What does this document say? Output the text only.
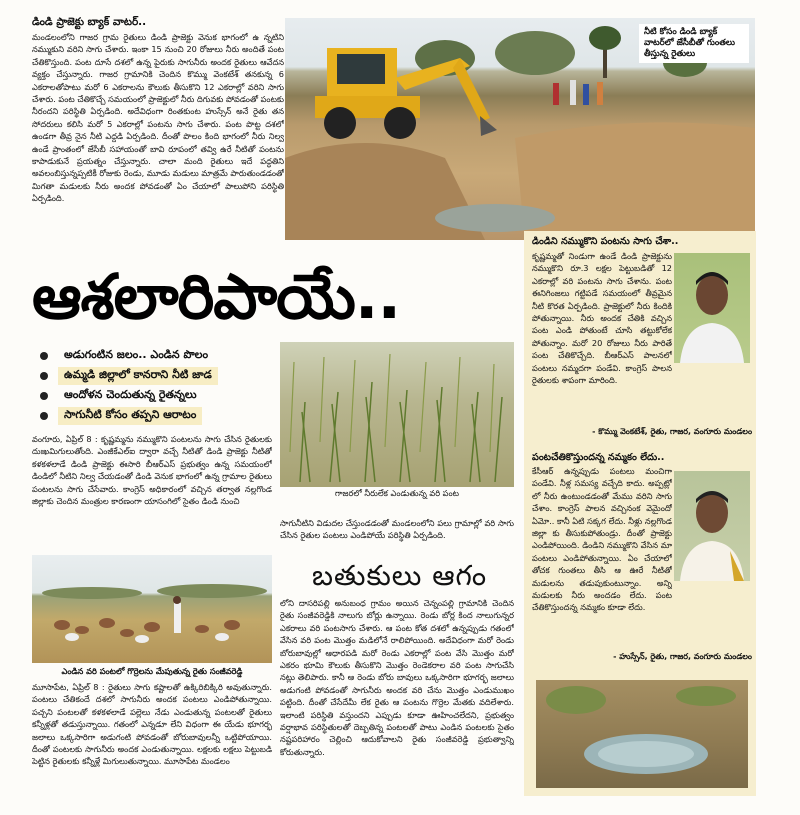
డిండి ప్రాజెక్టు బ్యాక్ వాటర్..
మండలంలోని గాజర గ్రామ రైతులు డిండి ప్రాజెక్టు వెనుక భాగంలో ఉ న్నటిని నమ్ముకుని వరిని సాగు చేశారు. ఇంకా 15 నుంచి 20 రోజులు నీరు అందితే పంట చేతికొస్తుంది. పంట దూసే దశలో ఉన్న పైరుకు సాగునీరు అందక రైతులు ఆవేదన వ్యక్తం చేస్తున్నారు. గాజర గ్రామానికి చెందిన కొమ్ము వెంకటేశ్ తనకున్న 6 ఎకరాలతోపాటు మరో 6 ఎకరాలను కౌలుకు తీసుకొని 12 ఎకరాల్లో వరిని సాగు చేశారు. పంట చేతికొచ్చే సమయంలో ప్రాజెక్టులో నీరు దిగువకు పోవడంతో పంటకు నీరందని పరిస్థితి ఏర్పడింది. అదేవిధంగా రింతకుంట హుస్సేన్ అనే రైతు తన సోదరులు కలిసి మరో 5 ఎకరాల్లో పంటను సాగు చేశారు. పంట పొట్ట దశలో ఉండగా తీవ్ర నైన నీటి ఎద్దడి ఏర్పడింది. దీంతో పొలం కింది భాగంలో నీరు నిల్వ ఉండే ప్రాంతంలో జేసీబీ సహాయంతో బావి రూపంలో తవ్వి ఉరే నీటితో పంటను కాపాడుకునే ప్రయత్నం చేస్తున్నారు. చాలా మంది రైతులు ఇదే పద్ధతిని అవలంబిస్తున్నప్పటికీ రోజుకు రెండు, మూడు మడులు మాత్రమే పారుతుండడంతో మిగతా మడులకు నీరు అందక పోవడంతో ఏం చేయాలో పాలుపోని పరిస్థితి ఏర్పడింది.
నీటి కోసం డిండి బ్యాక్ వాటర్‌లో జేసీబీతో గుంతలు తీస్తున్న రైతులు
ఆశలారిపాయే..
అడుగంటిన జలం.. ఎండిన పొలం
ఉమ్మడి జిల్లాలో కానరాని నీటి జాడ
ఆందోళన చెందుతున్న రైతన్నలు
సాగునీటి కోసం తప్పని ఆరాటం
వంగూరు, ఏప్రిల్ 8 : కృష్ణమ్మను నమ్ముకొని పంటలను సాగు చేసిన రైతులకు దుఃఖమిగులుతోంది. ఎంజీకేఎల్ఐ ద్వారా వచ్చే నీటితో డిండి ప్రాజెక్టు నీటితో కళకళలాడే డిండి ప్రాజెక్టు ఈసారి బీఆర్ఎస్ ప్రభుత్వం ఉన్న సమయంలో డిండిలో నీటిని నిల్వ చేయడంతో డిండి వెనుక భాగంలో ఉన్న గ్రామాల రైతులు పంటలను సాగు చేసేవారు. కాంగ్రెస్ అధికారంలో వచ్చిన తర్వాత నల్లగొండ జిల్లాకు చెందిన మంత్రుల కారణంగా యాసంగిలో సైతం డిండి నుంచి
గాజరలో నీరులేక ఎండుతున్న వరి పంట
సాగునీటిని విడుదల చేస్తుండడంతో మండలంలోని పలు గ్రామాల్లో వరి సాగు చేసిన రైతుల పంటలు ఎండిపోయే పరిస్థితి ఏర్పడింది.
ఎండిన వరి పంటలో గొర్రెలను మేపుతున్న రైతు సంజీవరెడ్డి
మూసాపేట, ఏప్రిల్ 8 : రైతులు సాగు కష్టాలతో ఉక్కిరిబిక్కిరి అవుతున్నారు. పంటలు చేతికందే దశలో సాగునీరు అందక పంటలు ఎండిపోతున్నాయి. పచ్చని పంటలతో కళకళలాడే పల్లెలు నేడు ఎండుతున్న పంటలతో రైతులు కన్నీళ్లతో తడుస్తున్నాయి. గతంలో ఎన్నడూ లేని విధంగా ఈ యేడు భూగర్భ జలాలు ఒక్కసారిగా అడుగంటి పోవడంతో బోరుబావులన్నీ ఒట్టిపోయాయి. దీంతో పంటలకు సాగునీరు అందక ఎండుతున్నాయి. లక్షలకు లక్షలు పెట్టుబడి పెట్టిన రైతులకు కన్నీళ్లే మిగులుతున్నాయి. మూసాపేట మండలం
బతుకులు ఆగం
లోని దాసరిపల్లి అనుబంధ గ్రామం అయిన చెన్నంపల్లి గ్రామానికి చెందిన రైతు సంజీవరెడ్డికి నాలుగు బోర్లు ఉన్నాయి. రెండు బోర్ల కింద నాలుగున్నర ఎకరాలు వరి పంటసాగు చేశారు. ఆ పంట కోత దశలో ఉన్నప్పుడు గతంలో వేసిన వరి పంట మొత్తం మడిలోనే రాలిపోయింది. అదేవిధంగా మరో రెండు బోరుబావుల్లో ఆధారపడి మరో రెండు ఎకరాల్లో పంట వేసి మొత్తం మరో ఎకరం భూమి కౌలుకు తీసుకొని మొత్తం రెండెకరాల వరి పంట సాగుచేసి నట్లు తెలిపారు. కానీ ఆ రెండు బోరు బావులు ఒక్కసారిగా భూగర్భ జలాలు అడుగంటి పోవడంతో సాగునీరు అందక వరి చేను మొత్తం ఎండుముఖం పట్టింది. దీంతో చేసేదేమీ లేక రైతు ఆ పంటను గొర్రెల మేతకు వదిలేశారు. ఇలాంటి పరిస్థితి వస్తుందని ఎప్పుడు కూడా ఊహించలేదని, ప్రభుత్వం వర్షాభావ పరిస్థితులతో దెబ్బతిన్న పంటలతో పాటు ఎండిన పంటలకు సైతం నష్టపరిహారం చెల్లించి ఆదుకోవాలని రైతు సంజీవరెడ్డి ప్రభుత్వాన్ని కోరుతున్నారు.
డిండిని నమ్ముకొని పంటను సాగు చేశా..
కృష్ణమ్మతో నిండుగా ఉండే డిండి ప్రాజెక్టును నమ్ముకొని రూ.3 లక్షల పెట్టుబడితో 12 ఎకరాల్లో వరి పంటను సాగు చేశాను. పంట ఈనిగింజలు గట్టిపడే సమయంలో తీవ్రమైన నీటి కొరత ఏర్పడింది. ప్రాజెక్టులో నీరు కిందికి పోతున్నాయి. నీరు అందక చేతికి వచ్చిన పంట ఎండి పోతుంటే చూసి తట్టుకోలేక పోతున్నాం. మరో 20 రోజులు నీరు పారితే పంట చేతికొచ్చేది. బీఆర్ఎస్ పాలనలో పంటలు నమ్మదగా పండేవి. కాంగ్రెస్ పాలన రైతులకు శాపంగా మారింది.
- కొమ్ము వెంకటేశ్, రైతు, గాజర, వంగూరు మండలం
పంటచేతికొస్తుందన్న నమ్మకం లేదు..
కేసీఆర్ ఉన్నప్పుడు పంటలు మంచిగా పండేవి. నీళ్ల సమస్య వచ్చేది కాదు. అప్పట్లో లో నీరు ఉంటుండడంతో మేము వరిని సాగు చేశాం. కాంగ్రెస్ పాలన వచ్చినంక వెమైందో ఏమో.. కానీ ఏటి సక్కగ లేదు. నీళ్లు నల్లగొండ జిల్లా కు తీసుకుపోతుండ్రు. దీంతో ప్రాజెక్టు ఎండిపోయింది. డిండిని నమ్ముకొని వేసిన మా పంటలు ఎండిపోతున్నాయి. ఏం చేయాలో తోచక గుంతలు తీసి ఆ ఊరే నీటితో మడులను తడుపుకుంటున్నాం. అన్ని మడులకు నీరు అందడం లేదు. పంట చేతికొస్తుందన్న నమ్మకం కూడా లేదు.
- హుస్సేన్, రైతు, గాజర, వంగూరు మండలం
